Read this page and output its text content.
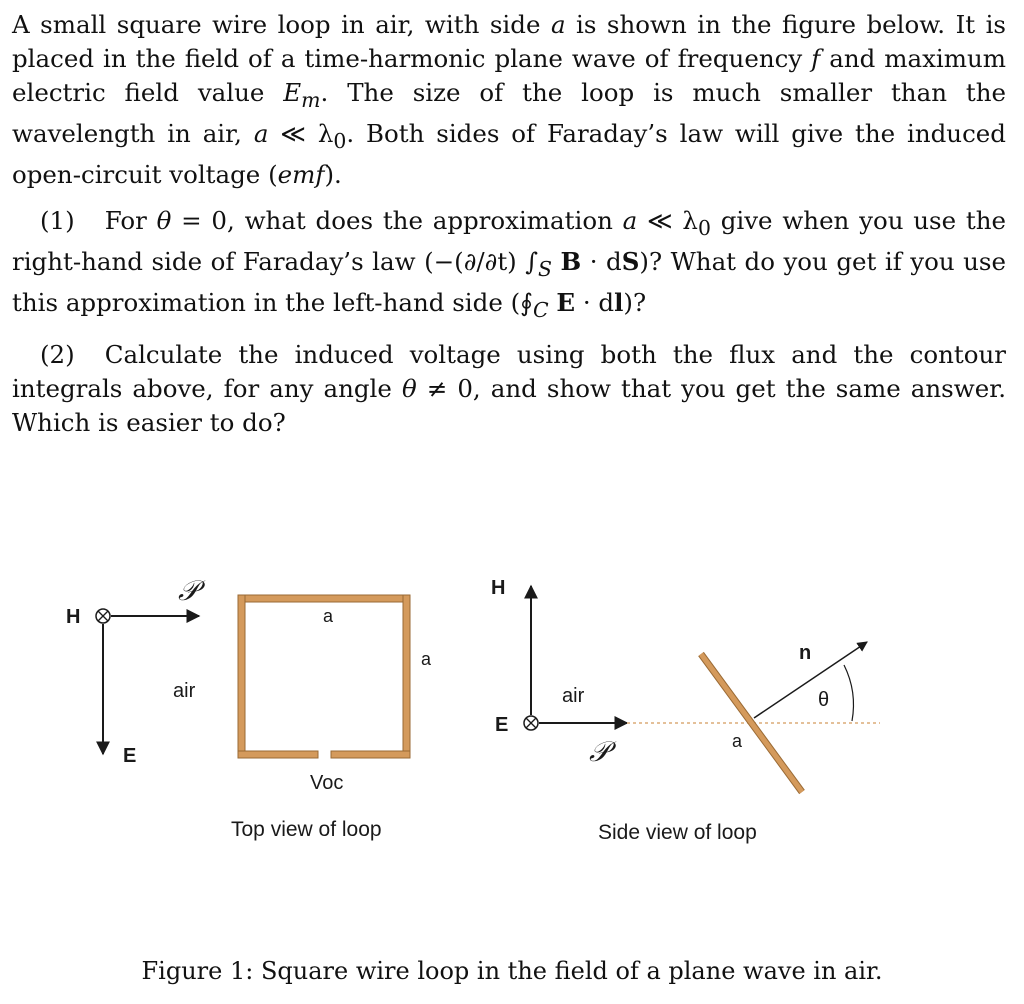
A small square wire loop in air, with side a is shown in the figure below. It is placed in the field of a time-harmonic plane wave of frequency f and maximum electric field value $E_m$. The size of the loop is much smaller than the wavelength in air, a ≪ $\lambda_0$. Both sides of Faraday’s law will give the induced open-circuit voltage (emf).

(1) For θ = 0, what does the approximation a ≪ $\lambda_0$ give when you use the right-hand side of Faraday’s law (−(∂/∂t) $\int_S$ B · dS)? What do you get if you use this approximation in the left-hand side ($∮_C$ E · dl)?

(2) Calculate the induced voltage using both the flux and the contour integrals above, for any angle θ ≠ 0, and show that you get the same answer. Which is easier to do?

H
E
𝒫
air
a
a
Voc
Top view of loop
H
E
𝒫
air
n
θ
a
Side view of loop
Figure 1: Square wire loop in the field of a plane wave in air.
